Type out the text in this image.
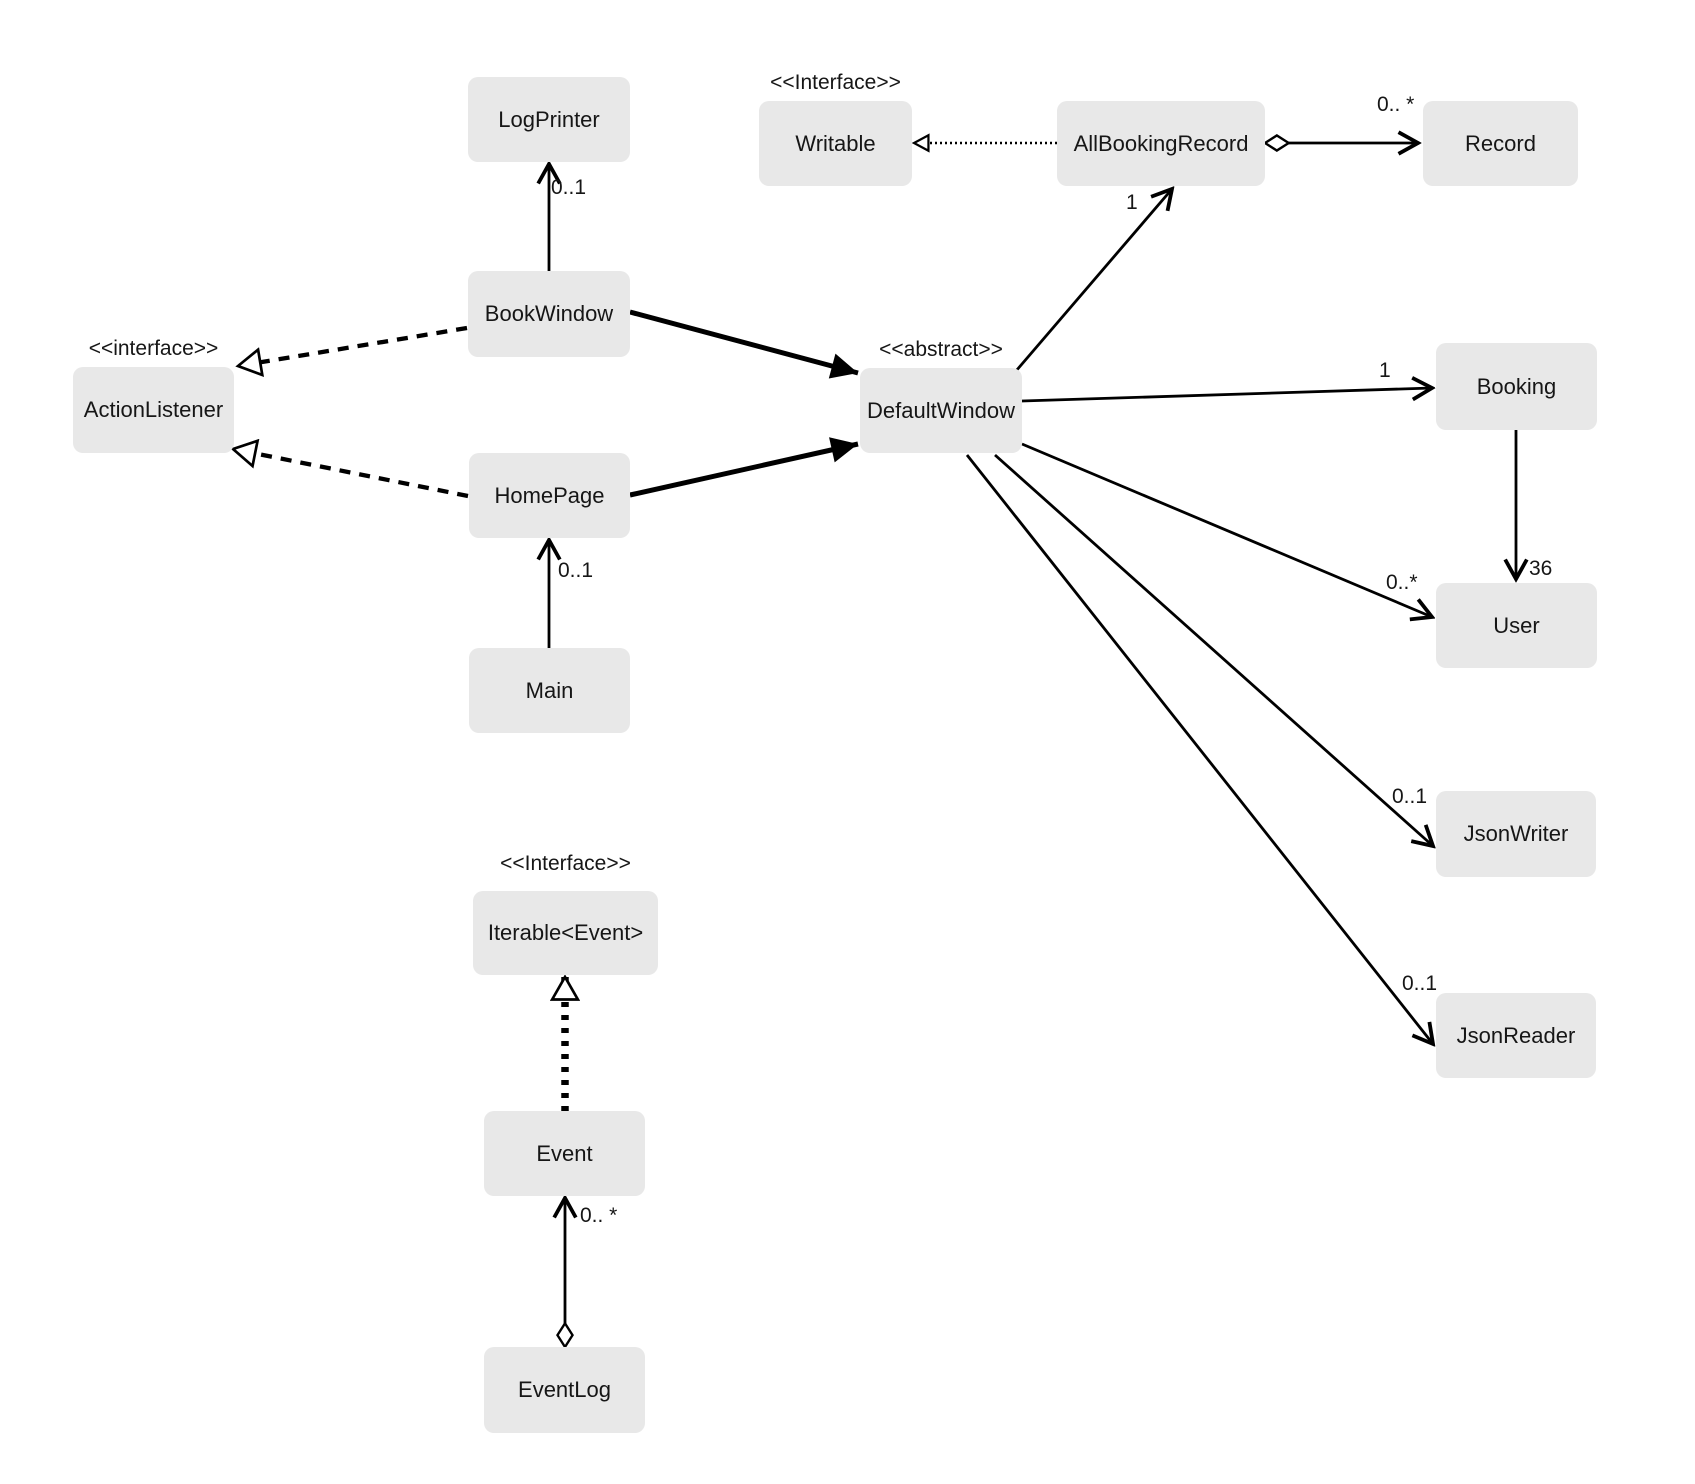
0..1
0..1
0.. *
1
1
36
0..*
0..1
0..1
0.. *
LogPrinter
BookWindow
<<interface>>
ActionListener
HomePage
Main
<<Interface>>
Writable	AllBookingRecord	Record
<<abstract>>
DefaultWindow
Booking
User
JsonWriter
JsonReader
<<Interface>>
Iterable<Event>
Event
EventLog
